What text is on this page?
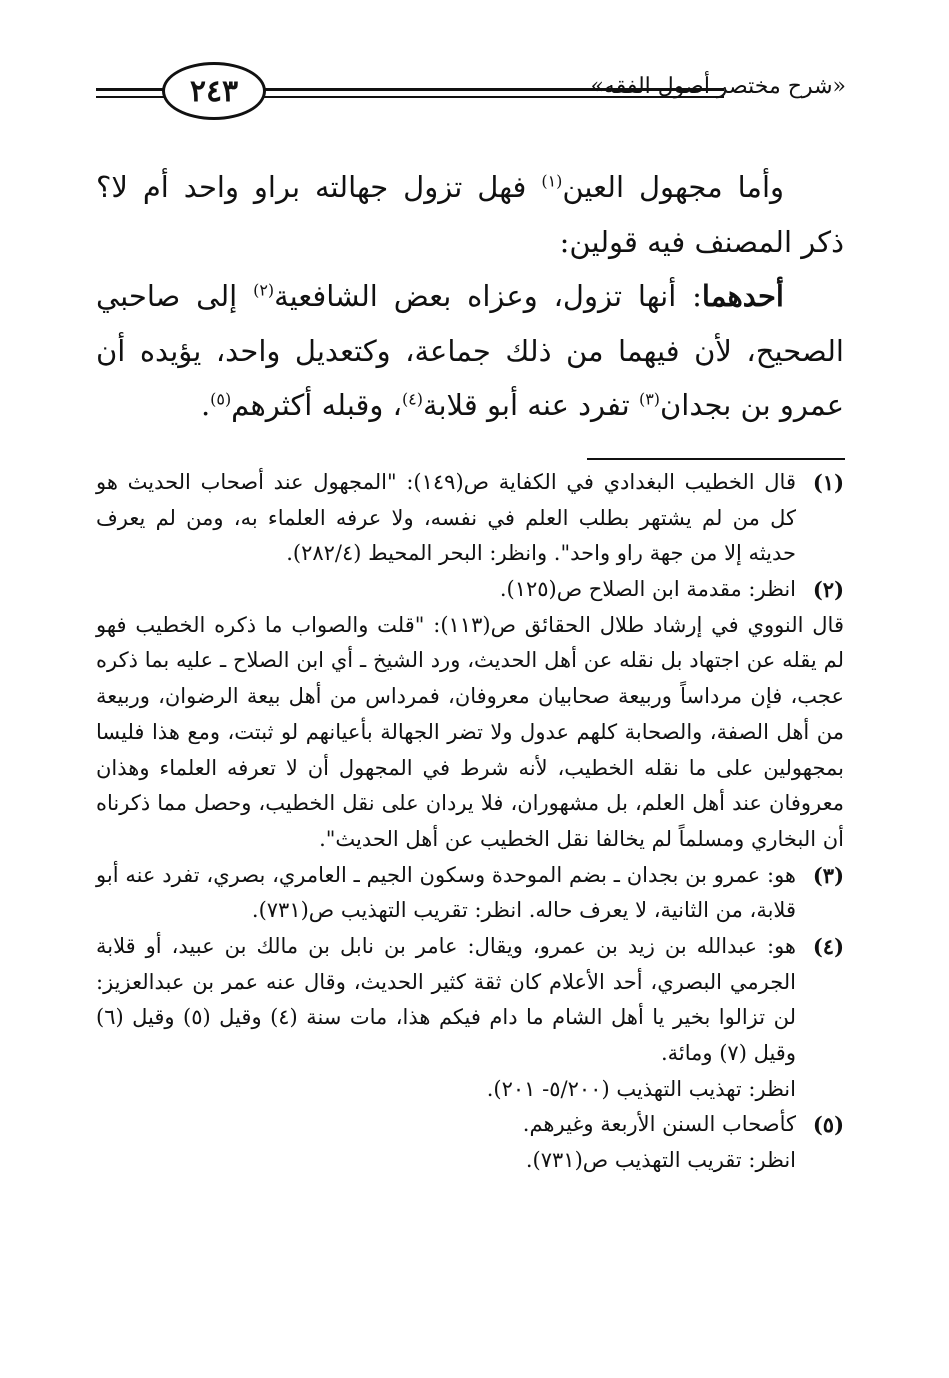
٢٤٣	«شرح مختصر أصول الفقه»

وأما مجهول العين$^{(١)}$ فهل تزول جهالته براو واحد أم لا؟ ذكر المصنف فيه قولين:

أحدهما: أنها تزول، وعزاه بعض الشافعية$^{(٢)}$ إلى صاحبي الصحيح، لأن فيهما من ذلك جماعة، وكتعديل واحد، يؤيده أن عمرو بن بجدان$^{(٣)}$ تفرد عنه أبو قلابة$^{(٤)}$، وقبله أكثرهم$^{(٥)}$.

(١)

قال الخطيب البغدادي في الكفاية ص(١٤٩): "المجهول عند أصحاب الحديث هو كل من لم يشتهر بطلب العلم في نفسه، ولا عرفه العلماء به، ومن لم يعرف حديثه إلا من جهة راو واحد". وانظر: البحر المحيط (٢٨٢/٤).

(٢)

انظر: مقدمة ابن الصلاح ص(١٢٥).

قال النووي في إرشاد طلال الحقائق ص(١١٣): "قلت والصواب ما ذكره الخطيب فهو لم يقله عن اجتهاد بل نقله عن أهل الحديث، ورد الشيخ ـ أي ابن الصلاح ـ عليه بما ذكره عجب، فإن مرداساً وربيعة صحابيان معروفان، فمرداس من أهل بيعة الرضوان، وربيعة من أهل الصفة، والصحابة كلهم عدول ولا تضر الجهالة بأعيانهم لو ثبتت، ومع هذا فليسا بمجهولين على ما نقله الخطيب، لأنه شرط في المجهول أن لا تعرفه العلماء وهذان معروفان عند أهل العلم، بل مشهوران، فلا يردان على نقل الخطيب، وحصل مما ذكرناه أن البخاري ومسلماً لم يخالفا نقل الخطيب عن أهل الحديث".

(٣)

هو: عمرو بن بجدان ـ بضم الموحدة وسكون الجيم ـ العامري، بصري، تفرد عنه أبو قلابة، من الثانية، لا يعرف حاله. انظر: تقريب التهذيب ص(٧٣١).

(٤)

هو: عبدالله بن زيد بن عمرو، ويقال: عامر بن نابل بن مالك بن عبيد، أو قلابة الجرمي البصري، أحد الأعلام كان ثقة كثير الحديث، وقال عنه عمر بن عبدالعزيز: لن تزالوا بخير يا أهل الشام ما دام فيكم هذا، مات سنة (٤) وقيل (٥) وقيل (٦) وقيل (٧) ومائة.

انظر: تهذيب التهذيب (٥/٢٠٠- ٢٠١).

(٥)

كأصحاب السنن الأربعة وغيرهم.

انظر: تقريب التهذيب ص(٧٣١).
